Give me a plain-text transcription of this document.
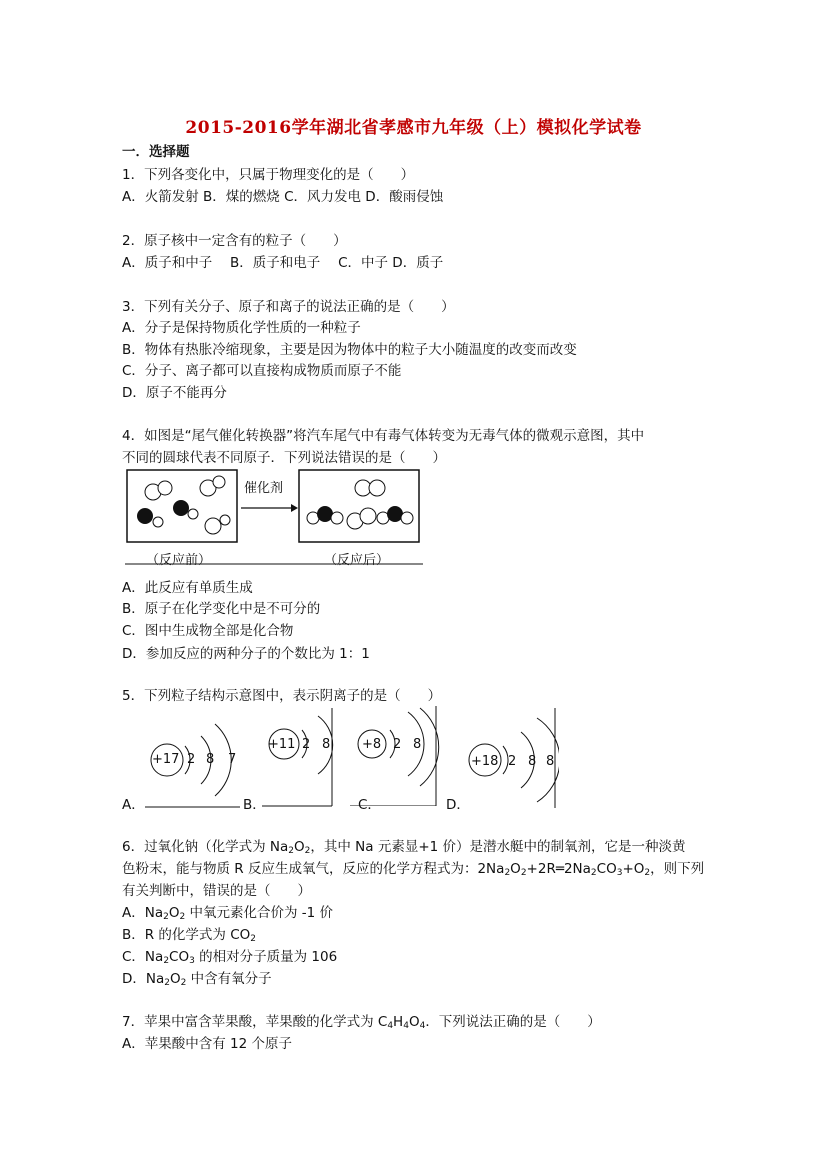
2015-2016学年湖北省孝感市九年级（上）模拟化学试卷
一．选择题
1．下列各变化中，只属于物理变化的是（　　）
A．火箭发射 B．煤的燃烧 C．风力发电 D．酸雨侵蚀
2．原子核中一定含有的粒子（　　）
A．质子和中子　 B．质子和电子　 C．中子 D．质子
3．下列有关分子、原子和离子的说法正确的是（　　）
A．分子是保持物质化学性质的一种粒子
B．物体有热胀冷缩现象，主要是因为物体中的粒子大小随温度的改变而改变
C．分子、离子都可以直接构成物质而原子不能
D．原子不能再分
4．如图是“尾气催化转换器”将汽车尾气中有毒气体转变为无毒气体的微观示意图，其中
不同的圆球代表不同原子．下列说法错误的是（　　）
催化剂
（反应前）	（反应后）
A．此反应有单质生成
B．原子在化学变化中是不可分的
C．图中生成物全部是化合物
D．参加反应的两种分子的个数比为 1：1
5．下列粒子结构示意图中，表示阴离子的是（　　）
+17 2 8 7
A．
+11 2 8
B．
+8 2 8
C．
+18 2 8 8
D．
6．过氧化钠（化学式为 $Na_2O_2$，其中 Na 元素显+1 价）是潜水艇中的制氧剂，它是一种淡黄
色粉末，能与物质 R 反应生成氧气，反应的化学方程式为：$2Na_2O_2+2R═2Na_2CO_3+O_2$，则下列
有关判断中，错误的是（　　）
A．$Na_2O_2$ 中氧元素化合价为 -1 价
B．R 的化学式为 $CO_2$
C．$Na_2CO_3$ 的相对分子质量为 106
D．$Na_2O_2$ 中含有氧分子
7．苹果中富含苹果酸，苹果酸的化学式为 $C_4H_4O_4$．下列说法正确的是（　　）
A．苹果酸中含有 12 个原子
